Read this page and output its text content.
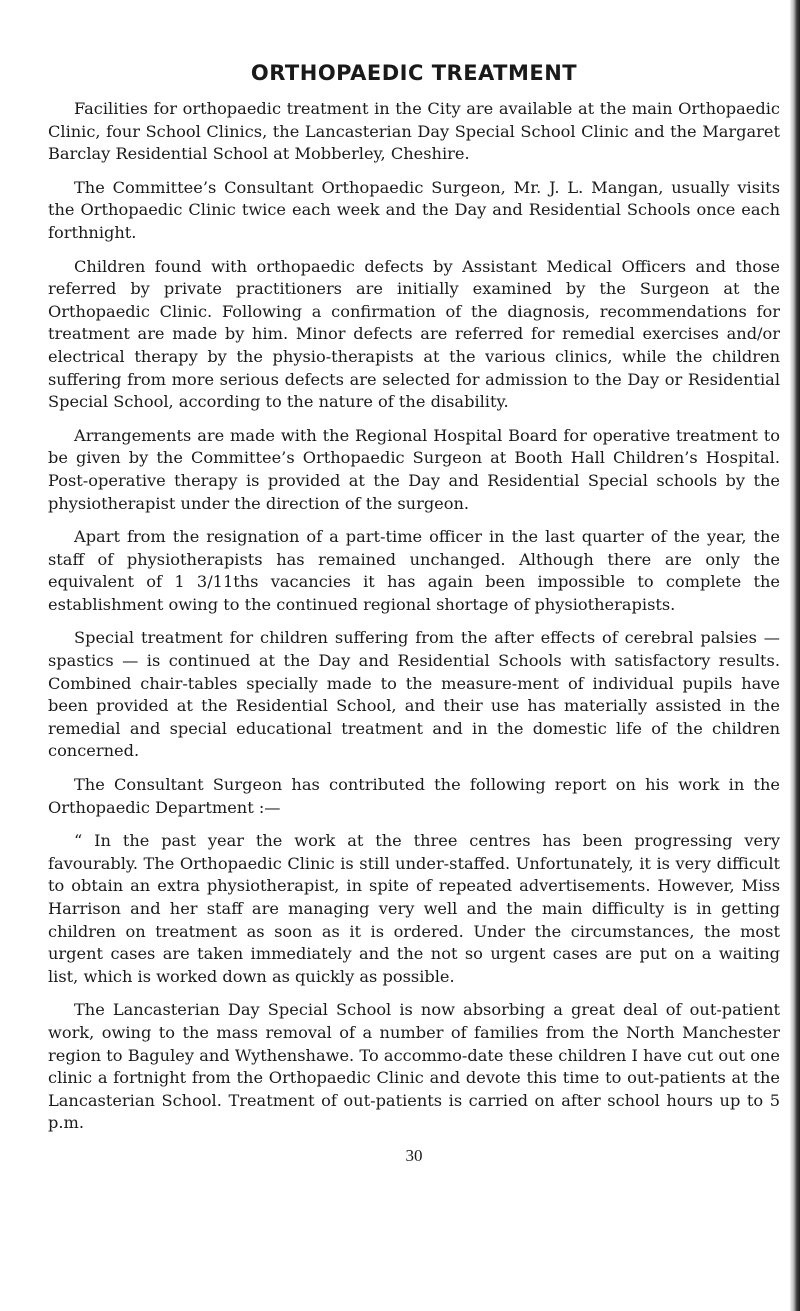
ORTHOPAEDIC TREATMENT

Facilities for orthopaedic treatment in the City are available at the main Orthopaedic Clinic, four School Clinics, the Lancasterian Day Special School Clinic and the Margaret Barclay Residential School at Mobberley, Cheshire.

The Committee’s Consultant Orthopaedic Surgeon, Mr. J. L. Mangan, usually visits the Orthopaedic Clinic twice each week and the Day and Residential Schools once each forthnight.

Children found with orthopaedic defects by Assistant Medical Officers and those referred by private practitioners are initially examined by the Surgeon at the Orthopaedic Clinic. Following a confirmation of the diagnosis, recommendations for treatment are made by him. Minor defects are referred for remedial exercises and/or electrical therapy by the physio-therapists at the various clinics, while the children suffering from more serious defects are selected for admission to the Day or Residential Special School, according to the nature of the disability.

Arrangements are made with the Regional Hospital Board for operative treatment to be given by the Committee’s Orthopaedic Surgeon at Booth Hall Children’s Hospital. Post-operative therapy is provided at the Day and Residential Special schools by the physiotherapist under the direction of the surgeon.

Apart from the resignation of a part-time officer in the last quarter of the year, the staff of physiotherapists has remained unchanged. Although there are only the equivalent of 1 3/11ths vacancies it has again been impossible to complete the establishment owing to the continued regional shortage of physiotherapists.

Special treatment for children suffering from the after effects of cerebral palsies — spastics — is continued at the Day and Residential Schools with satisfactory results. Combined chair-tables specially made to the measure-ment of individual pupils have been provided at the Residential School, and their use has materially assisted in the remedial and special educational treatment and in the domestic life of the children concerned.

The Consultant Surgeon has contributed the following report on his work in the Orthopaedic Department :—

“ In the past year the work at the three centres has been progressing very favourably. The Orthopaedic Clinic is still under-staffed. Unfortunately, it is very difficult to obtain an extra physiotherapist, in spite of repeated advertisements. However, Miss Harrison and her staff are managing very well and the main difficulty is in getting children on treatment as soon as it is ordered. Under the circumstances, the most urgent cases are taken immediately and the not so urgent cases are put on a waiting list, which is worked down as quickly as possible.

The Lancasterian Day Special School is now absorbing a great deal of out-patient work, owing to the mass removal of a number of families from the North Manchester region to Baguley and Wythenshawe. To accommo-date these children I have cut out one clinic a fortnight from the Orthopaedic Clinic and devote this time to out-patients at the Lancasterian School. Treatment of out-patients is carried on after school hours up to 5 p.m.

30
